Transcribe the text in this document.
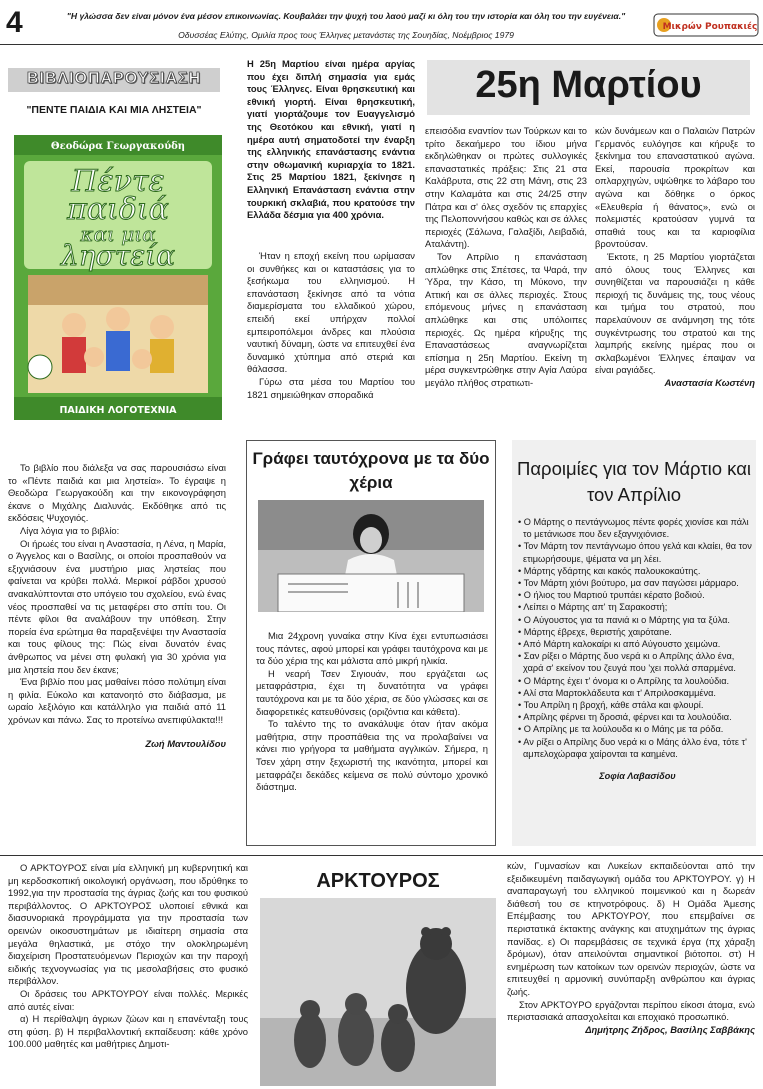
4	"Η γλώσσα δεν είναι μόνον ένα μέσον επικοινωνίας. Κουβαλάει την ψυχή του λαού μαζί κι όλη του την ιστορία και όλη του την ευγένεια."
Οδυσσέας Ελύτης, Ομιλία προς τους Έλληνες μετανάστες της Σουηδίας, Νοέμβριος 1979
Μικρών Ρουπακιές
ΒΙΒΛΙΟΠΑΡΟΥΣΙΑΣΗ
"ΠΕΝΤΕ ΠΑΙΔΙΑ ΚΑΙ ΜΙΑ ΛΗΣΤΕΙΑ"
Θεοδώρα Γεωργακούδη
Πέντε
παιδιά
και μια
ληστεία
ΠΑΙΔΙΚΗ ΛΟΓΟΤΕΧΝΙΑ

Το βιβλίο που διάλεξα να σας παρουσιάσω είναι το «Πέντε παιδιά και μια ληστεία». Το έγραψε η Θεοδώρα Γεωργακούδη και την εικονογράφηση έκανε ο Μιχάλης Διαλυνάς. Εκδόθηκε από τις εκδόσεις Ψυχογιός.

Λίγα λόγια για το βιβλίο:

Οι ήρωές του είναι η Αναστασία, η Λένα, η Μαρία, ο Άγγελος και ο Βασίλης, οι οποίοι προσπαθούν να εξιχνιάσουν ένα μυστήριο μιας ληστείας που φαίνεται να κρύβει πολλά. Μερικοί ράβδοι χρυσού ανακαλύπτονται στο υπόγειο του σχολείου, ενώ ένας νέος προσπαθεί να τις μεταφέρει στο σπίτι του. Οι πέντε φίλοι θα αναλάβουν την υπόθεση. Στην πορεία ένα ερώτημα θα παραξενέψει την Αναστασία και τους φίλους της: Πώς είναι δυνατόν ένας άνθρωπος να μένει στη φυλακή για 30 χρόνια για μια ληστεία που δεν έκανε;

Ένα βιβλίο που μας μαθαίνει πόσο πολύτιμη είναι η φιλία. Εύκολο και κατανοητό στο διάβασμα, με ωραίο λεξιλόγιο και κατάλληλο για παιδιά από 11 χρόνων και πάνω. Σας το προτείνω ανεπιφύλακτα!!!

Ζωή Μαντουλίδου
Η 25η Μαρτίου είναι ημέρα αργίας που έχει διπλή σημασία για εμάς τους Έλληνες. Είναι θρησκευτική και εθνική γιορτή. Είναι θρησκευτική, γιατί γιορτάζουμε τον Ευαγγελισμό της Θεοτόκου και εθνική, γιατί η ημέρα αυτή σηματοδοτεί την έναρξη της ελληνικής επανάστασης ενάντια στην οθωμανική κυριαρχία το 1821. Στις 25 Μαρτίου 1821, ξεκίνησε η Ελληνική Επανάσταση ενάντια στην τουρκική σκλαβιά, που κρατούσε την Ελλάδα δέσμια για 400 χρόνια.

Ήταν η εποχή εκείνη που ωρίμασαν οι συνθήκες και οι καταστάσεις για το ξεσήκωμα του ελληνισμού. Η επανάσταση ξεκίνησε από τα νότια διαμερίσματα του ελλαδικού χώρου, επειδή εκεί υπήρχαν πολλοί εμπειροπόλεμοι άνδρες και πλούσια ναυτική δύναμη, ώστε να επιτευχθεί ένα δυναμικό χτύπημα από στεριά και θάλασσα.

Γύρω στα μέσα του Μαρτίου του 1821 σημειώθηκαν σποραδικά

25η Μαρτίου

επεισόδια εναντίον των Τούρκων και το τρίτο δεκαήμερο του ίδιου μήνα εκδηλώθηκαν οι πρώτες συλλογικές επαναστατικές πράξεις: Στις 21 στα Καλάβρυτα, στις 22 στη Μάνη, στις 23 στην Καλαμάτα και στις 24/25 στην Πάτρα και σ' όλες σχεδόν τις επαρχίες της Πελοποννήσου καθώς και σε άλλες περιοχές (Σάλωνα, Γαλαξίδι, Λειβαδιά, Αταλάντη).

Τον Απρίλιο η επανάσταση απλώθηκε στις Σπέτσες, τα Ψαρά, την Ύδρα, την Κάσο, τη Μύκονο, την Αττική και σε άλλες περιοχές. Στους επόμενους μήνες η επανάσταση απλώθηκε και στις υπόλοιπες περιοχές. Ως ημέρα κήρυξης της Επαναστάσεως αναγνωρίζεται επίσημα η 25η Μαρτίου. Εκείνη τη μέρα συγκεντρώθηκε στην Αγία Λαύρα μεγάλο πλήθος στρατιωτι-

κών δυνάμεων και ο Παλαιών Πατρών Γερμανός ευλόγησε και κήρυξε το ξεκίνημα του επαναστατικού αγώνα. Εκεί, παρουσία προκρίτων και οπλαρχηγών, υψώθηκε το λάβαρο του αγώνα και δόθηκε ο όρκος «Ελευθερία ή θάνατος», ενώ οι πολεμιστές κρατούσαν γυμνά τα σπαθιά τους και τα καριοφίλια βροντούσαν.

Έκτοτε, η 25 Μαρτίου γιορτάζεται από όλους τους Έλληνες και συνηθίζεται να παρουσιάζει η κάθε περιοχή τις δυνάμεις της, τους νέους και τμήμα του στρατού, που παρελαύνουν σε ανάμνηση της τότε συγκέντρωσης του στρατού και της λαμπρής εκείνης ημέρας που οι σκλαβωμένοι Έλληνες έπαψαν να είναι ραγιάδες.

Αναστασία Κωστένη
Γράφει ταυτόχρονα με τα δύο χέρια

Μια 24χρονη γυναίκα στην Κίνα έχει εντυπωσιάσει τους πάντες, αφού μπορεί και γράφει ταυτόχρονα και με τα δύο χέρια της και μάλιστα από μικρή ηλικία.

Η νεαρή Τσεν Σιγιουάν, που εργάζεται ως μεταφράστρια, έχει τη δυνατότητα να γράφει ταυτόχρονα και με τα δύο χέρια, σε δύο γλώσσες και σε διαφορετικές κατευθύνσεις (οριζόντια και κάθετα).

Το ταλέντο της το ανακάλυψε όταν ήταν ακόμα μαθήτρια, στην προσπάθεια της να προλαβαίνει να κάνει πιο γρήγορα τα μαθήματα αγγλικών. Σήμερα, η Τσεν χάρη στην ξεχωριστή της ικανότητα, μπορεί και μεταφράζει δεκάδες κείμενα σε πολύ σύντομο χρονικό διάστημα.

Παροιμίες για τον Μάρτιο και τον Απρίλιο
• Ο Μάρτης ο πεντάγνωμος πέντε φορές χιονίσε και πάλι το μετάνιωσε που δεν εξαγνιχιόνισε.
• Τον Μάρτη τον πεντάγνωμο όπου γελά και κλαίει, θα τον ετιμωρήσουμε, ψέματα να μη λέει.
• Μάρτης γδάρτης και κακός παλουκοκαύτης.
• Τον Μάρτη χιόνι βούτυρο, μα σαν παγώσει μάρμαρο.
• Ο ήλιος του Μαρτιού τρυπάει κέρατο βοδιού.
• Λείπει ο Μάρτης απ' τη Σαρακοστή;
• Ο Αύγουστος για τα πανιά κι ο Μάρτης για τα ξύλα.
• Μάρτης έβρεχε, θεριστής χαιρόταne.
• Από Μάρτη καλοκαίρι κι από Αύγουστο χειμώνα.
• Σαν ρίξει ο Μάρτης δυο νερά κι ο Απρίλης άλλο ένα, χαρά σ' εκείνον του ζευγά που 'χει πολλά σπαρμένα.
• Ο Μάρτης έχει τ' όνομα κι ο Απρίλης τα λουλούδια.
• Αλί στα Μαρτοκλάδευτα και τ' Απριλοσκαμμένα.
• Του Απρίλη η βροχή, κάθε στάλα και φλουρί.
• Απρίλης φέρνει τη δροσιά, φέρνει και τα λουλούδια.
• Ο Απρίλης με τα λούλουδα κι ο Μάης με τα ρόδα.
• Αν ρίξει ο Απρίλης δυο νερά κι ο Μάης άλλο ένα, τότε τ' αμπελοχώραφα χαίρονται τα καημένα.
Σοφία Λαβασίδου

Ο ΑΡΚΤΟΥΡΟΣ είναι μία ελληνική μη κυβερνητική και μη κερδοσκοπική οικολογική οργάνωση, που ιδρύθηκε το 1992,για την προστασία της άγριας ζωής και του φυσικού περιβάλλοντος. Ο ΑΡΚΤΟΥΡΟΣ υλοποιεί εθνικά και διασυνοριακά προγράμματα για την προστασία των ορεινών οικοσυστημάτων με ιδιαίτερη σημασία στα μεγάλα θηλαστικά, με στόχο την ολοκληρωμένη διαχείριση Προστατευόμενων Περιοχών και την παροχή ειδικής τεχνογνωσίας για τις μεσολαβήσεις στο φυσικό περιβάλλον.

Οι δράσεις του ΑΡΚΤΟΥΡΟΥ είναι πολλές. Μερικές από αυτές είναι:

α) Η περίθαλψη άγριων ζώων και η επανένταξη τους στη φύση. β) Η περιβαλλοντική εκπαίδευση: κάθε χρόνο 100.000 μαθητές και μαθήτριες Δημοτι-

ΑΡΚΤΟΥΡΟΣ

κών, Γυμνασίων και Λυκείων εκπαιδεύονται από την εξειδικευμένη παιδαγωγική ομάδα του ΑΡΚΤΟΥΡΟΥ. γ) Η αναπαραγωγή του ελληνικού ποιμενικού και η δωρεάν διάθεσή του σε κτηνοτρόφους. δ) Η Ομάδα Άμεσης Επέμβασης του ΑΡΚΤΟΥΡΟΥ, που επεμβαίνει σε περιστατικά έκτακτης ανάγκης και ατυχημάτων της άγριας πανίδας. ε) Οι παρεμβάσεις σε τεχνικά έργα (πχ χάραξη δρόμων), όταν απειλούνται σημαντικοί βιότοποι. στ) Η ενημέρωση των κατοίκων των ορεινών περιοχών, ώστε να επιτευχθεί η αρμονική συνύπαρξη ανθρώπου και άγριας ζωής.

Στον ΑΡΚΤΟΥΡΟ εργάζονται περίπου είκοσι άτομα, ενώ περιστασιακά απασχολείται και εποχιακό προσωπικό.

Δημήτρης Ζήδρος, Βασίλης Σαββάκης
